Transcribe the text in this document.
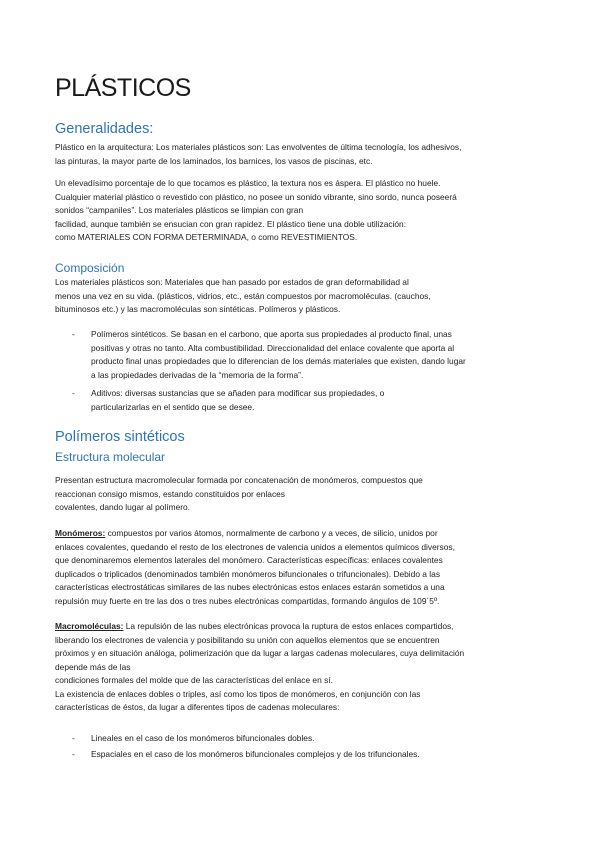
PLÁSTICOS
Generalidades:
Plástico en la arquitectura: Los materiales plásticos son: Las envolventes de última tecnología, los adhesivos,
las pinturas, la mayor parte de los laminados, los barnices, los vasos de piscinas, etc.
Un elevadísimo porcentaje de lo que tocamos es plástico, la textura nos es áspera. El plástico no huele.
Cualquier material plástico o revestido con plástico, no posee un sonido vibrante, sino sordo, nunca poseerá
sonidos “campaniles”. Los materiales plásticos se limpian con gran
facilidad, aunque también se ensucian con gran rapidez. El plástico tiene una doble utilización:
como MATERIALES CON FORMA DETERMINADA, o como REVESTIMIENTOS.
Composición
Los materiales plásticos son: Materiales que han pasado por estados de gran deformabilidad al
menos una vez en su vida. (plásticos, vidrios, etc., están compuestos por macromoléculas. (cauchos,
bituminosos etc.) y las macromoléculas son sintéticas. Polímeros y plásticos.
- Polímeros sintéticos. Se basan en el carbono, que aporta sus propiedades al producto final, unas
positivas y otras no tanto. Alta combustibilidad. Direccionalidad del enlace covalente que aporta al
producto final unas propiedades que lo diferencian de los demás materiales que existen, dando lugar
a las propiedades derivadas de la “memoria de la forma”.
- Aditivos: diversas sustancias que se añaden para modificar sus propiedades, o
particularizarlas en el sentido que se desee.
Polímeros sintéticos
Estructura molecular
Presentan estructura macromolecular formada por concatenación de monómeros, compuestos que
reaccionan consigo mismos, estando constituidos por enlaces
covalentes, dando lugar al polímero.
Monómeros: compuestos por varios átomos, normalmente de carbono y a veces, de silicio, unidos por
enlaces covalentes, quedando el resto de los electrones de valencia unidos a elementos químicos diversos,
que denominaremos elementos laterales del monómero. Características específicas: enlaces covalentes
duplicados o triplicados (denominados también monómeros bifuncionales o trifuncionales). Debido a las
características electrostáticas similares de las nubes electrónicas estos enlaces estarán sometidos a una
repulsión muy fuerte en tre las dos o tres nubes electrónicas compartidas, formando ángulos de 109´5º.
Macromoléculas: La repulsión de las nubes electrónicas provoca la ruptura de estos enlaces compartidos,
liberando los electrones de valencia y posibilitando su unión con aquellos elementos que se encuentren
próximos y en situación análoga, polimerización que da lugar a largas cadenas moleculares, cuya delimitación
depende más de las
condiciones formales del molde que de las características del enlace en sí.
La existencia de enlaces dobles o triples, así como los tipos de monómeros, en conjunción con las
características de éstos, da lugar a diferentes tipos de cadenas moleculares:
- Lineales en el caso de los monómeros bifuncionales dobles.
- Espaciales en el caso de los monómeros bifuncionales complejos y de los trifuncionales.
